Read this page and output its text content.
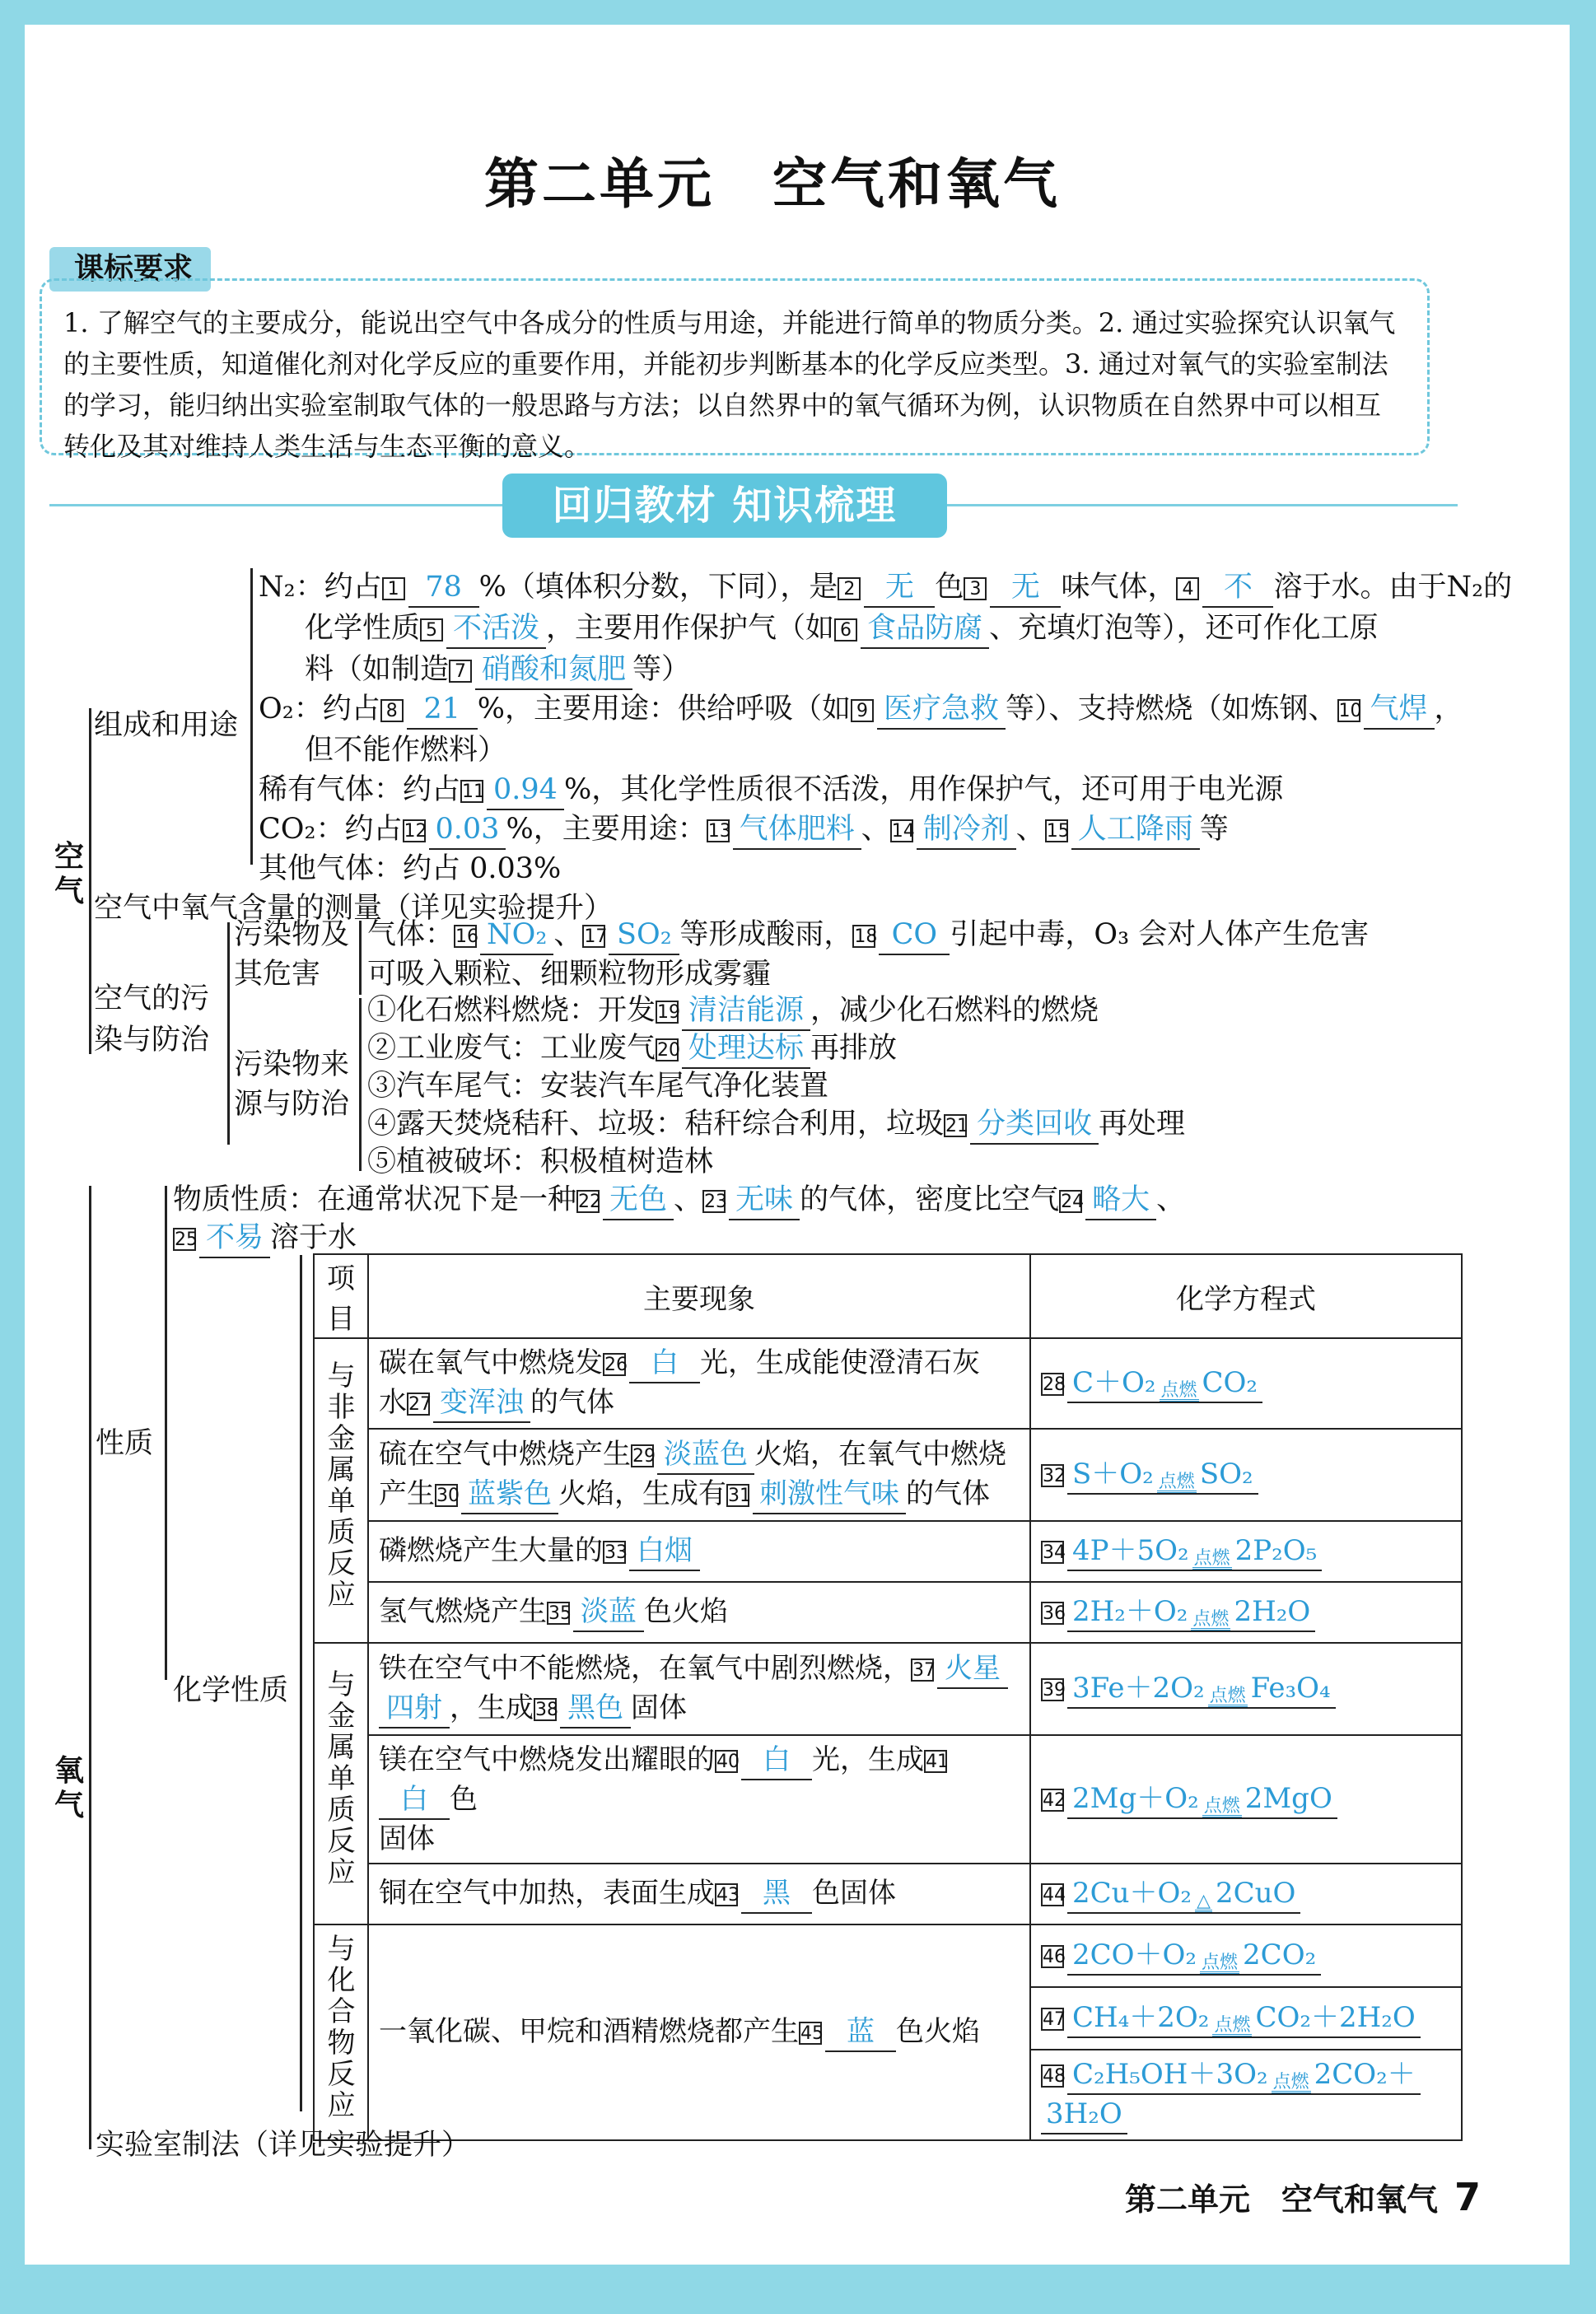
第二单元　空气和氧气
课标要求
1. 了解空气的主要成分，能说出空气中各成分的性质与用途，并能进行简单的物质分类。2. 通过实验探究认识氧气的主要性质，知道催化剂对化学反应的重要作用，并能初步判断基本的化学反应类型。3. 通过对氧气的实验室制法的学习，能归纳出实验室制取气体的一般思路与方法；以自然界中的氧气循环为例，认识物质在自然界中可以相互转化及其对维持人类生活与生态平衡的意义。
回归教材 知识梳理
空气
组成和用途
N₂：约占 1 78 %（填体积分数，下同），是 2 无 色 3 无 味气体， 4 不 溶于水。由于N₂的
化学性质 5 不活泼 ，主要用作保护气（如 6 食品防腐 、充填灯泡等），还可作化工原
料（如制造 7 硝酸和氮肥 等）
O₂：约占 8 21 %，主要用途：供给呼吸（如 9 医疗急救 等）、支持燃烧（如炼钢、10 气焊 ，
但不能作燃料）
稀有气体：约占11 0.94 %，其化学性质很不活泼，用作保护气，还可用于电光源
CO₂：约占12 0.03 %，主要用途：13 气体肥料 、14 制冷剂 、15 人工降雨 等
其他气体：约占 0.03%
空气中氧气含量的测量（详见实验提升）
空气的污
染与防治
污染物及
其危害
气体：16 NO₂ 、17 SO₂ 等形成酸雨，18 CO 引起中毒，O₃ 会对人体产生危害
可吸入颗粒、细颗粒物形成雾霾
污染物来
源与防治
①化石燃料燃烧：开发19 清洁能源 ，减少化石燃料的燃烧
②工业废气：工业废气20 处理达标 再排放
③汽车尾气：安装汽车尾气净化装置
④露天焚烧秸秆、垃圾：秸秆综合利用，垃圾21 分类回收 再处理
⑤植被破坏：积极植树造林
氧气
性质
物质性质：在通常状况下是一种22 无色 、23 无味 的气体，密度比空气24 略大 、
25 不易 溶于水
化学性质
项目	主要现象	化学方程式
与非金属单质反应	碳在氧气中燃烧发26 白 光，生成能使澄清石灰
水27 变浑浊 的气体	28 C＋O₂ 点燃 CO₂
	硫在空气中燃烧产生29 淡蓝色 火焰，在氧气中燃烧
产生30 蓝紫色 火焰，生成有31 刺激性气味 的气体	32 S＋O₂ 点燃 SO₂
	磷燃烧产生大量的33 白烟	34 4P＋5O₂ 点燃 2P₂O₅
	氢气燃烧产生35 淡蓝 色火焰	36 2H₂＋O₂ 点燃 2H₂O
与金属单质反应	铁在空气中不能燃烧，在氧气中剧烈燃烧，37 火星
四射 ，生成38 黑色 固体	39 3Fe＋2O₂ 点燃 Fe₃O₄
	镁在空气中燃烧发出耀眼的40 白 光，生成41白 色
固体	42 2Mg＋O₂ 点燃 2MgO
	铜在空气中加热，表面生成43 黑 色固体	44 2Cu＋O₂ △ 2CuO
与化合物反应	一氧化碳、甲烷和酒精燃烧都产生45 蓝 色火焰	46 2CO＋O₂ 点燃 2CO₂
		47 CH₄＋2O₂ 点燃 CO₂＋2H₂O
		48 C₂H₅OH＋3O₂ 点燃 2CO₂＋
3H₂O
实验室制法（详见实验提升）
第二单元　空气和氧气 7
